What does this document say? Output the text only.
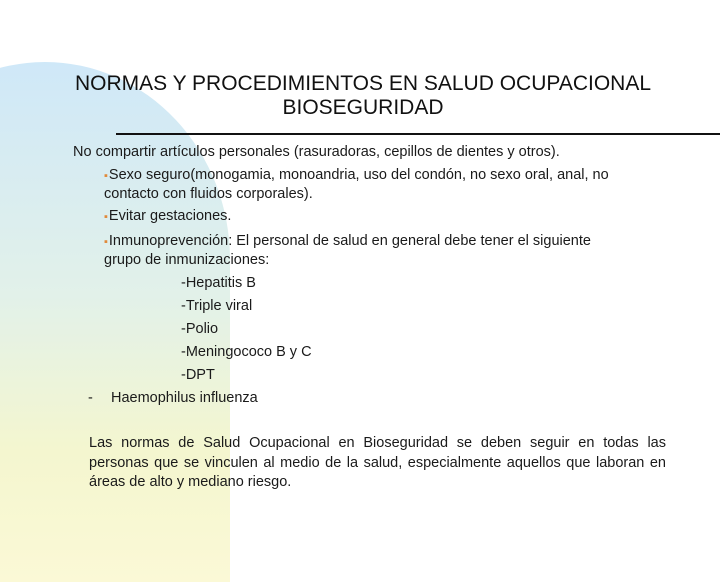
NORMAS Y PROCEDIMIENTOS EN SALUD OCUPACIONAL
BIOSEGURIDAD
No compartir artículos personales (rasuradoras, cepillos de dientes y otros).
▪Sexo seguro(monogamia, monoandria, uso del condón, no sexo oral, anal, no
contacto con fluidos corporales).
▪Evitar gestaciones.
▪Inmunoprevención: El personal de salud en general debe tener el siguiente
grupo de inmunizaciones:
-Hepatitis B
-Triple viral
-Polio
-Meningococo B y C
-DPT
- Haemophilus influenza
Las normas de Salud Ocupacional en Bioseguridad se deben seguir en todas las personas que se vinculen al medio de la salud, especialmente aquellos que laboran en áreas de alto y mediano riesgo.
